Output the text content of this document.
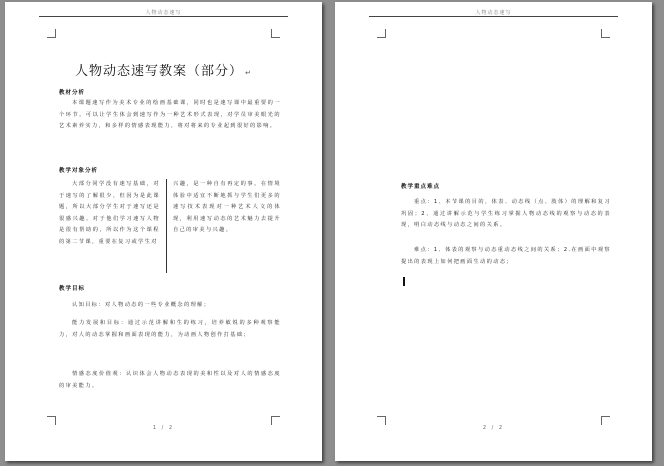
人物动态速写
人物动态速写教案（部分） ↵
教材分析
本课题速写作为美术专业的绘画基础课，同时也是速写课中最重要的一个环节。可以让学生体会到速写作为一种艺术形式表现，对学员审美眼光的艺术素养实力，和多样的情感表现能力，将对将来的专业起到很好的影响。
教学对象分析
大部分同学没有速写基础，对于速写的了解很少，但因为是此课题，所以大部分学生对于速写还是很感兴趣。对于他们学习速写人物是很有帮助的，所以作为这个课程的第二节课，重要在复习或学生对
兴趣，是一种自有再定的事。在情境体验中适宜不断地抓与学生们更多的速写技术表现对一种艺术人文的体现，利用速写动态的艺术魅力去提升自己的审美与兴趣。
教学目标
认知目标：对人物动态的一些专业概念的理解；
能力发展和目标：通过示范讲解和生的练习，培养敏锐的多种观察能力，对人的动态掌握和画面表现的能力，为动画人物创作打基础；
情感态度价值观：认识体会人物动态表现的美和性以及对人的情感态度的审美能力。
1 / 2
人物动态速写
教学重点难点
重点：1、本节课的目的，体表、动态线（点、肢体）的理解和复习巩固；2、通过讲解示范与学生练习掌握人物动态线的观察与动态的表现，明白动态线与动态之间的关系。
难点：1、体表的观察与动态重动态线之间的关系；2.在画面中观察提出的表现上如何把画面生动的动态；
2 / 2
